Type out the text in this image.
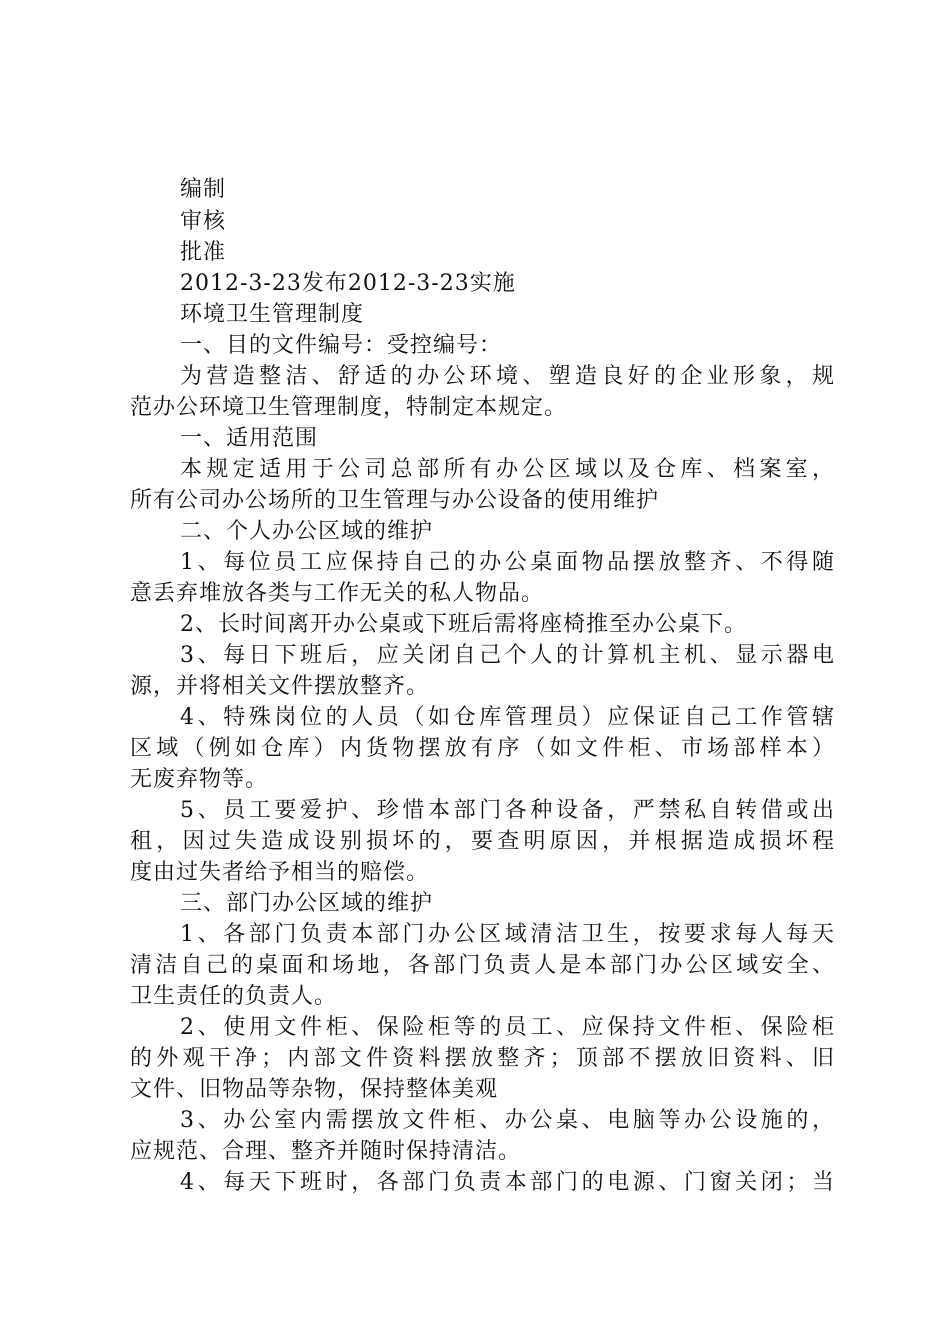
编制
审核
批准
2012-3-23发布2012-3-23实施
环境卫生管理制度
一、目的文件编号：受控编号：
为营造整洁、舒适的办公环境、塑造良好的企业形象，规
范办公环境卫生管理制度，特制定本规定。
一、适用范围
本规定适用于公司总部所有办公区域以及仓库、档案室，
所有公司办公场所的卫生管理与办公设备的使用维护
二、个人办公区域的维护
1、每位员工应保持自己的办公桌面物品摆放整齐、不得随
意丢弃堆放各类与工作无关的私人物品。
2、长时间离开办公桌或下班后需将座椅推至办公桌下。
3、每日下班后，应关闭自己个人的计算机主机、显示器电
源，并将相关文件摆放整齐。
4、特殊岗位的人员（如仓库管理员）应保证自己工作管辖
区域（例如仓库）内货物摆放有序（如文件柜、市场部样本）
无废弃物等。
5、员工要爱护、珍惜本部门各种设备，严禁私自转借或出
租，因过失造成设别损坏的，要查明原因，并根据造成损坏程
度由过失者给予相当的赔偿。
三、部门办公区域的维护
1、各部门负责本部门办公区域清洁卫生，按要求每人每天
清洁自己的桌面和场地，各部门负责人是本部门办公区域安全、
卫生责任的负责人。
2、使用文件柜、保险柜等的员工、应保持文件柜、保险柜
的外观干净；内部文件资料摆放整齐；顶部不摆放旧资料、旧
文件、旧物品等杂物，保持整体美观
3、办公室内需摆放文件柜、办公桌、电脑等办公设施的，
应规范、合理、整齐并随时保持清洁。
4、每天下班时，各部门负责本部门的电源、门窗关闭；当
